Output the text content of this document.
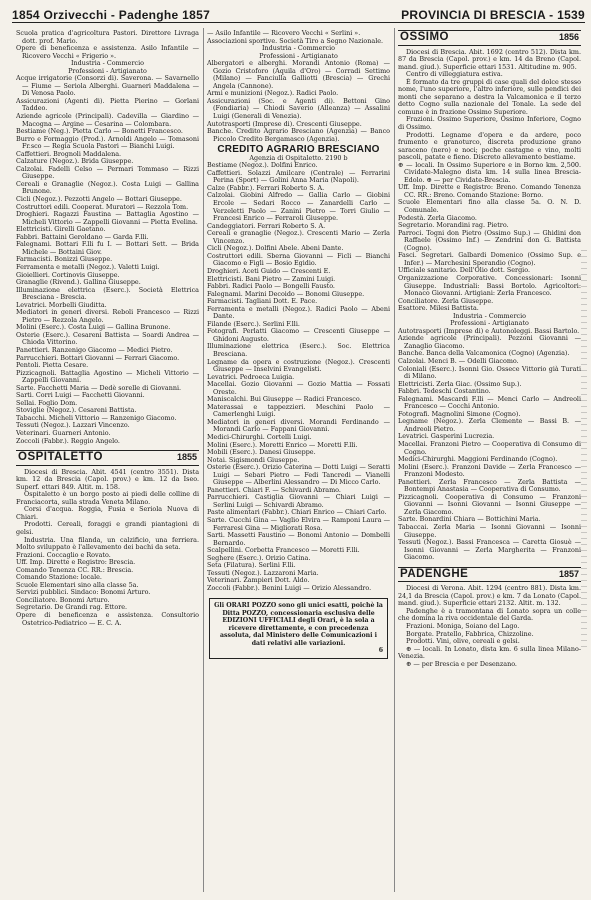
1854 Orzivecchi - Padenghe 1857	PROVINCIA DI BRESCIA - 1539

Scuola pratica d'agricoltura Pastori. Direttore Livraga dott. prof. Mario.

Opere di beneficenza e assistenza. Asilo Infantile — Ricovero Vecchi « Frigerio ».

Industria - Commercio

Professioni - Artigianato

Acque irrigatorie (Consorzi di). Saverona. — Savarnello — Fiume — Seriola Alberghi. Guarneri Maddalena — Di Venosa Paolo.

Assicurazioni (Agenti di). Pietta Pierino — Gorlani Taddeo.

Aziende agricole (Principali). Cadevilla — Giardino — Macogna — Argine — Cesarina — Colombara.

Bestiame (Neg.). Pietta Carlo — Bonetti Francesco.

Burro e Formaggio (Prod.). Arnoldi Angelo — Tomasoni Fr.sco — Regia Scuola Pastori — Bianchi Luigi.

Caffettieri. Brognoli Maddalena.

Calzature (Negoz.). Brida Giuseppe.

Calzolai. Fadelli Celso — Permari Tommaso — Rizzi Giuseppe.

Cereali e Granaglie (Negoz.). Costa Luigi — Gallina Brunone.

Cicli (Negoz.). Pezzotti Angelo — Bottari Giuseppe.

Costruttori edili. Cooperat. Muratori — Rezzola Tom.

Droghieri. Ragazzi Faustina — Battaglia Agostino — Micheli Vittorio — Zappelli Giovanni — Pietta Evelina.

Elettricisti. Girelli Gaetano.

Fabbri. Battaini Geroldano — Garda F.lli.

Falegnami. Bottari F.lli fu I. — Bottari Sett. — Brida Michele — Bottaini Giov.

Farmacisti. Bonizzi Giuseppe.

Ferramenta e metalli (Negoz.). Valetti Luigi.

Gioiellieri. Cortinovis Giuseppe.

Granaglie (Rivend.). Gallina Giuseppe.

Illuminazione elettrica (Eserc.). Società Elettrica Bresciana - Brescia.

Levatrici. Morbelli Giuditta.

Mediatori in generi diversi. Reboli Francesco — Rizzi Pietro — Rezzola Angelo.

Molini (Eserc.). Costa Luigi — Gallina Brunone.

Osterie (Eserc.). Cesareni Battista — Soardi Andrea — Chioda Vittorino.

Panettieri. Ranzenigo Giacomo — Medici Pietro.

Parrucchieri. Bottari Giovanni — Ferrari Giacomo.

Pentoli. Pietta Cesare.

Pizzicagnoli. Battaglia Agostino — Micheli Vittorio — Zappelli Giovanni.

Sarte. Facchetti Maria — Dedè sorelle di Giovanni.

Sarti. Corri Luigi — Facchetti Giovanni.

Sellai. Foglio Dom.

Stoviglie (Negoz.). Cesareni Battista.

Tabacchi. Micheli Vittorio — Ranzenigo Giacomo.

Tessuti (Negoz.). Lazzari Vincenzo.

Veterinari. Guarneri Antonio.

Zoccoli (Fabbr.). Reggio Angelo.

OSPITALETTO	1855

Diocesi di Brescia. Abit. 4541 (centro 3551). Dista km. 12 da Brescia (Capol. prov.) e km. 12 da Iseo. Superf. ettari 849. Altit. m. 158.

Ospitaletto è un borgo posto ai piedi delle colline di Franciacorta, sulla strada Veneta Milano.

Corsi d'acqua. Roggia, Fusia e Seriola Nuova di Chiari.

Prodotti. Cereali, foraggi e grandi piantagioni di gelsi.

Industria. Una filanda, un calzificio, una ferriera. Molto sviluppato è l'allevamento dei bachi da seta.

Frazioni. Coccaglio e Rovato.

Uff. Imp. Dirette e Registro: Brescia.

Comando Tenenza CC. RR.: Brescia.

Comando Stazione: locale.

Scuole Elementari sino alla classe 5a.

Servizi pubblici. Sindaco: Bonomi Arturo.

Conciliatore. Bonomi Arturo.

Segretario. De Grandi rag. Ettore.

Opere di beneficenza e assistenza. Consultorio Ostetrico-Pediatrico — E. C. A.

— Asilo Infantile — Ricovero Vecchi « Serlini ».

Associazioni sportive. Società Tiro a Segno Nazionale.

Industria - Commercio

Professioni - Artigianato

Albergatori e alberghi. Morandi Antonio (Roma) — Gozio Cristoforo (Aquila d'Oro) — Corradi Settimo (Milano) — Fanciulla Galliotti (Brescia) — Grechi Angela (Cannone).

Armi e munizioni (Negoz.). Radici Paolo.

Assicurazioni (Soc. e Agenti di). Bettoni Gino (Fondiaria) — Chiodi Saverio (Alleanza) — Assalini Luigi (Generali di Venezia).

Autotrasporti (Imprese di). Crescenti Giuseppe.

Banche. Credito Agrario Bresciano (Agenzia) — Banco Piccolo Credito Bergamasco (Agenzia).

CREDITO AGRARIO BRESCIANO

Agenzia di Ospitaletto. 2190 b

Bestiame (Negoz.). Dolfini Enrico.

Caffettieri. Solazzi Amilcare (Centrale) — Ferrarini Perina (Sport) — Golini Anna Maria (Napoli).

Calze (Fabbr.). Ferrari Roberto S. A.

Calzolai. Giobini Alfredo — Gallia Carlo — Giobini Ercole — Sedari Rocco — Zanardelli Carlo — Verzeletti Paolo — Zanini Pietro — Torri Giulio — Francesi Enrico — Ferraroli Giuseppe.

Candeggiatori. Ferrari Roberto S. A.

Cereali e granaglie (Negoz.). Crescenti Mario — Zerla Vincenzo.

Cicli (Negoz.). Dolfini Abele. Abeni Dante.

Costruttori edili. Sberna Giovanni — Ficli — Bianchi Giacomo e Figli — Bosio Egidio.

Droghieri. Aceti Guido — Crescenti E.

Elettricisti. Bani Pietro — Zamini Luigi.

Fabbri. Radici Paolo — Bongelli Fausto.

Falegnami. Marini Decoido — Bonomi Giuseppe.

Farmacisti. Tagliani Dott. E. Pace.

Ferramenta e metalli (Negoz.). Radici Paolo — Abeni Dante.

Filande (Eserc.). Serlini F.lli.

Fotografi. Perlatti Giacomo — Crescenti Giuseppe — Ghidoni Augusto.

Illuminazione elettrica (Eserc.). Soc. Elettrica Bresciana.

Legname da opera e costruzione (Negoz.). Crescenti Giuseppe — Inselvini Evangelisti.

Levatrici. Pedroeca Luigia.

Macellai. Gozio Giovanni — Gozio Mattia — Fossati Oreste.

Maniscalchi. Bui Giuseppe — Radici Francesco.

Materassai e tappezzieri. Meschini Paolo — Camerlenghi Luigi.

Mediatori in generi diversi. Morandi Ferdinando — Morandi Carlo — Fappani Giovanni.

Medici-Chirurghi. Cortelli Luigi.

Molini (Eserc.). Moretti Enrico — Moretti F.lli.

Mobili (Eserc.). Danesi Giuseppe.

Notai. Sigismondi Giuseppe.

Osterie (Eserc.). Orizio Caterina — Dotti Luigi — Seratti Luigi — Sebari Pietro — Fedi Tancredi — Vianelli Giuseppe — Alberlini Alessandro — Di Micco Carlo.

Panettieri. Chiari F. — Schivardi Abramo.

Parrucchieri. Castiglia Giovanni — Chiari Luigi — Serlini Luigi — Schivardi Abramo.

Paste alimentari (Fabbr.). Chiari Enrico — Chiari Carlo.

Sarte. Cucchi Gina — Vaglio Elvira — Ramponi Laura — Ferraresi Gina — Migliorati Rosa.

Sarti. Massetti Faustino — Bonomi Antonio — Dombelli Bernardo.

Scalpellini. Corbetta Francesco — Moretti F.lli.

Seghere (Eserc.). Orizio Catina.

Seta (Filatura). Serlini F.lli.

Tessuti (Negoz.). Lazzaroni Maria.

Veterinari. Zampieri Dott. Aldo.

Zoccoli (Fabbr.). Benini Luigi — Orizio Alessandro.

Gli ORARI POZZO sono gli unici esatti, poichè la Ditta POZZO, concessionaria esclusiva delle EDIZIONI UFFICIALI degli Orari, è la sola a ricevere direttamente, e con precedenza assoluta, dal Ministero delle Comunicazioni i dati relativi alle variazioni.

6

OSSIMO	1856

Diocesi di Brescia. Abit. 1692 (centro 512). Dista km. 87 da Brescia (Capol. prov.) e km. 14 da Breno (Capol. mand. giud.). Superficie ettari 1531. Altitudine m. 905.

Centro di villeggiatura estiva.

È formato da tre gruppi di case quali del dolce stesso nome, l'uno superiore, l'altro inferiore, sulle pendici dei monti che separano a destra la Valcamonica e il terzo detto Cogno sulla nazionale del Tonale. La sede del comune è in frazione Ossimo Superiore.

Frazioni. Ossimo Superiore, Ossimo Inferiore, Cogno di Ossimo.

Prodotti. Legname d'opera e da ardere, poco frumento e granoturco, discreta produzione grano saraceno (nero) e noci; poche castagne e vino, molti pascoli, patate e fieno. Discreto allevamento bestiame.

⊕ — locali. In Ossimo Superiore e in Borno km. 2,500. Cividate-Malegno dista km. 14 sulla linea Brescia-Edolo. ⊕ — per Cividate-Brescia.

Uff. Imp. Dirette e Registro: Breno. Comando Tenenza CC. RR.: Breno. Comando Stazione: Borno.

Scuole Elementari fino alla classe 5a. O. N. D. Comunale.

Podestà. Zerla Giacomo.

Segretario. Morandini rag. Pietro.

Parroci. Togni don Pietro (Ossimo Sup.) — Ghidini don Raffaele (Ossimo Inf.) — Zendrini don G. Battista (Cogno).

Fasci. Segretari. Galbardi Domenico (Ossimo Sup. e Infer.) — Marchesini Sperandio (Cogno).

Ufficiale sanitario. Dell'Olio dott. Sergio.

Organizzazione Corporative. Concessionari: Isonni Giuseppe. Industriali: Bassi Bortolo. Agricoltori: Monaco Giovanni. Artigiani: Zerla Francesco.

Conciliatore. Zerla Giuseppe.

Esattore. Milesi Battista.

Industria - Commercio

Professioni - Artigianato

Autotrasporti (Imprese di) e Autonoleggi. Bassi Bartolo.

Aziende agricole (Principali). Pezzoni Giovanni — Zanaglio Giacomo.

Banche. Banca della Valcamonica (Cogno) (Agenzia).

Calzolai. Menci B. — Odelli Giacomo.

Coloniali (Eserc.). Isonni Gio. Ossece Vittorio già Turati di Milano.

Elettricisti. Zerla Giac. (Ossimo Sup.).

Fabbri. Tedeschi Costantino.

Falegnami. Mascardi F.lli — Menci Carlo — Andreoli Francesco — Cocchi Antonio.

Fotografi. Magnolini Simone (Cogno).

Legname (Negoz.). Zerla Clemente — Bassi B. — Andreoli Pietro.

Levatrici. Gasperini Lucrezia.

Macellai. Franzoni Pietro — Cooperativa di Consumo di Cogno.

Medici-Chirurghi. Maggioni Ferdinando (Cogno).

Molini (Eserc.). Franzoni Davide — Zerla Francesco — Franzoni Modesto.

Panettieri. Zerla Francesco — Zerla Battista — Bontempi Anastasia — Cooperativa di Consumo.

Pizzicagnoli. Cooperativa di Consumo — Franzoni Giovanni — Isonni Giovanni — Isonni Giuseppe — Zerla Giacomo.

Sarte. Bonardini Chiara — Bottichini Maria.

Tabaccai. Zerla Maria — Isonni Giovanni — Isonni Giuseppe.

Tessuti (Negoz.). Bassi Francesca — Caretta Giosuè — Isonni Giovanni — Zerla Margherita — Franzoni Giacomo.

PADENGHE	1857

Diocesi di Verona. Abit. 1294 (centro 881). Dista km. 24,1 da Brescia (Capol. prov.) e km. 7 da Lonato (Capol. mand. giud.). Superficie ettari 2132. Altit. m. 132.

Padenghe è a tramontana di Lonato sopra un colle che domina la riva occidentale del Garda.

Frazioni. Moniga, Soiano del Lago.

Borgate. Pratello, Fabbrica, Chizzoline.

Prodotti. Vini, olive, cereali e gelsi.

⊕ — locali. In Lonato, dista km. 6 sulla linea Milano-Venezia.

⊕ — per Brescia e per Desenzano.
